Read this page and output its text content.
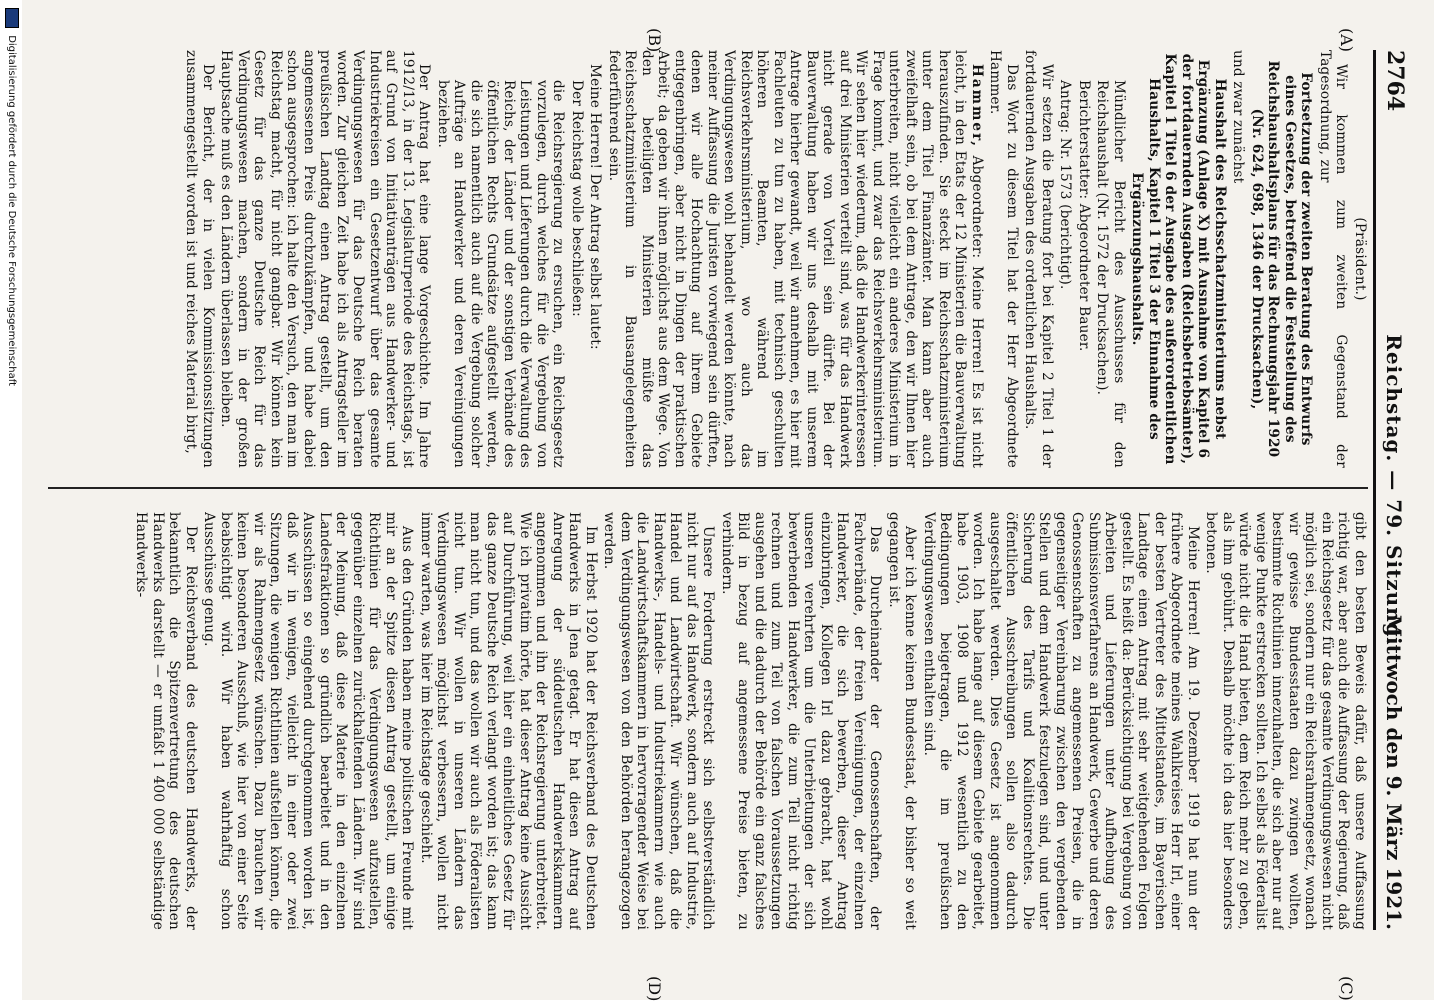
2764
Reichstag. — 79. Sitzung.
Mittwoch den 9. März 1921.
(A)
(B)
(C)
(D)

(Präsident.)

Wir kommen zum zweiten Gegenstand der Tagesordnung, zur

Fortsetzung der zweiten Beratung des Entwurfs eines Gesetzes, betreffend die Feststellung des Reichshaushaltsplans für das Rechnungsjahr 1920 (Nr. 624, 698, 1346 der Drucksachen),

und zwar zunächst

Haushalt des Reichsschatzministeriums nebst Ergänzung (Anlage X) mit Ausnahme von Kapitel 6 der fortdauernden Ausgaben (Reichsbetriebsämter), Kapitel 1 Titel 6 der Ausgabe des außerordentlichen Haushalts, Kapitel 1 Titel 3 der Einnahme des Ergänzungshaushalts.

Mündlicher Bericht des Ausschusses für den Reichshaushalt (Nr. 1572 der Drucksachen).

Berichterstatter: Abgeordneter Bauer.

Antrag: Nr. 1573 (berichtigt).

Wir setzen die Beratung fort bei Kapitel 2 Titel 1 der fortdauernden Ausgaben des ordentlichen Haushalts.

Das Wort zu diesem Titel hat der Herr Abgeordnete Hammer.

Hammer, Abgeordneter: Meine Herren! Es ist nicht leicht, in den Etats der 12 Ministerien die Bauverwaltung herauszufinden. Sie steckt im Reichsschatzministerium unter dem Titel Finanzämter. Man kann aber auch zweifelhaft sein, ob bei dem Antrage, den wir Ihnen hier unterbreiten, nicht vielleicht ein anderes Ministerium in Frage kommt, und zwar das Reichsverkehrsministerium. Wir sehen hier wiederum, daß die Handwerkerinteressen auf drei Ministerien verteilt sind, was für das Handwerk nicht gerade von Vorteil sein dürfte. Bei der Bauverwaltung haben wir uns deshalb mit unserem Antrage hierher gewandt, weil wir annehmen, es hier mit Fachleuten zu tun zu haben, mit technisch geschulten höheren Beamten, während im Reichsverkehrsministerium, wo auch das Verdingungswesen wohl behandelt werden könnte, nach meiner Auffassung die Juristen vorwiegend sein dürften, denen wir alle Hochachtung auf ihrem Gebiete entgegenbringen, aber nicht in Dingen der praktischen Arbeit; da geben wir ihnen möglichst aus dem Wege. Von den beteiligten Ministerien müßte das Reichsschatzministerium in Bausangelegenheiten federführend sein.

Meine Herren! Der Antrag selbst lautet:

Der Reichstag wolle beschließen:

die Reichsregierung zu ersuchen, ein Reichsgesetz vorzulegen, durch welches für die Vergebung von Leistungen und Lieferungen durch die Verwaltung des Reichs, der Länder und der sonstigen Verbände des öffentlichen Rechts Grundsätze aufgestellt werden, die sich namentlich auch auf die Vergebung solcher Aufträge an Handwerker und deren Vereinigungen beziehen.

Der Antrag hat eine lange Vorgeschichte. Im Jahre 1912/13, in der 13. Legislaturperiode des Reichstags, ist auf Grund von Initiativanträgen aus Handwerker- und Industriekreisen ein Gesetzentwurf über das gesamte Verdingungswesen für das Deutsche Reich beraten worden. Zur gleichen Zeit habe ich als Antragsteller im preußischen Landtag einen Antrag gestellt, um den angemessenen Preis durchzukämpfen, und habe dabei schon ausgesprochen: ich halte den Versuch, den man im Reichstag macht, für nicht gangbar. Wir können kein Gesetz für das ganze Deutsche Reich für das Verdingungswesen machen, sondern in der großen Hauptsache muß es den Ländern überlassen bleiben.

Der Bericht, der in vielen Kommissionssitzungen zusammengestellt worden ist und reiches Material birgt,

gibt den besten Beweis dafür, daß unsere Auffassung richtig war, aber auch die Auffassung der Regierung, daß ein Reichsgesetz für das gesamte Verdingungswesen nicht möglich sei, sondern nur ein Reichsrahmengesetz, wonach wir gewisse Bundesstaaten dazu zwingen wollten, bestimmte Richtlinien innezuhalten, die sich aber nur auf wenige Punkte erstrecken sollten. Ich selbst als Föderalist würde nicht die Hand bieten, dem Reich mehr zu geben, als ihm gebührt. Deshalb möchte ich das hier besonders betonen.

Meine Herren! Am 19. Dezember 1919 hat nun der frühere Abgeordnete meines Wahlkreises Herr Irl, einer der besten Vertreter des Mittelstandes, im Bayerischen Landtage einen Antrag mit sehr weitgehenden Folgen gestellt. Es heißt da: Berücksichtigung bei Vergebung von Arbeiten und Lieferungen unter Aufhebung des Submissionsverfahrens an Handwerk, Gewerbe und deren Genossenschaften zu angemessenen Preisen, die in gegenseitiger Vereinbarung zwischen den vergebenden Stellen und dem Handwerk festzulegen sind, und unter Sicherung des Tarifs und Koalitionsrechtes. Die öffentlichen Ausschreibungen sollen also dadurch ausgeschaltet werden. Dies Gesetz ist angenommen worden. Ich habe lange auf diesem Gebiete gearbeitet, habe 1903, 1908 und 1912 wesentlich zu den Bedingungen beigetragen, die im preußischen Verdingungswesen enthalten sind.

Aber ich kenne keinen Bundesstaat, der bisher so weit gegangen ist.

Das Durcheinander der Genossenschaften, der Fachverbände, der freien Vereinigungen, der einzelnen Handwerker, die sich bewerben, dieser Antrag einzubringen, Kollegen Irl dazu gebracht, hat wohl unseren verehrten um die Unterbietungen der sich bewerbenden Handwerker, die zum Teil nicht richtig rechnen und zum Teil von falschen Voraussetzungen ausgehen und die dadurch der Behörde ein ganz falsches Bild in bezug auf angemessene Preise bieten, zu verhindern.

Unsere Forderung erstreckt sich selbstverständlich nicht nur auf das Handwerk, sondern auch auf Industrie, Handel und Landwirtschaft. Wir wünschen, daß die Handwerks-, Handels- und Industriekammern wie auch die Landwirtschaftskammern in hervorragender Weise bei dem Verdingungswesen von den Behörden herangezogen werden.

Im Herbst 1920 hat der Reichsverband des Deutschen Handwerks in Jena getagt. Er hat diesen Antrag auf Anregung der süddeutschen Handwerkskammern angenommen und ihn der Reichsregierung unterbreitet. Wie ich privatim hörte, hat dieser Antrag keine Aussicht auf Durchführung, weil hier ein einheitliches Gesetz für das ganze Deutsche Reich verlangt worden ist; das kann man nicht tun, und das wollen wir auch als Föderalisten nicht tun. Wir wollen in unseren Ländern das Verdingungswesen möglichst verbessern, wollen nicht immer warten, was hier im Reichstage geschieht.

Aus den Gründen haben meine politischen Freunde mit mir an der Spitze diesen Antrag gestellt, um einige Richtlinien für das Verdingungswesen aufzustellen, gegenüber einzelnen zurückhaltenden Ländern. Wir sind der Meinung, daß diese Materie in den einzelnen Landesfraktionen so gründlich bearbeitet und in den Ausschüssen so eingehend durchgenommen worden ist, daß wir in wenigen, vielleicht in einer oder zwei Sitzungen, die wenigen Richtlinien aufstellen können, die wir als Rahmengesetz wünschen. Dazu brauchen wir keinen besonderen Ausschuß, wie hier von einer Seite beabsichtigt wird. Wir haben wahrhaftig schon Ausschüsse genug.

Der Reichsverband des deutschen Handwerks, der bekanntlich die Spitzenvertretung des deutschen Handwerks darstellt — er umfaßt 1 400 000 selbständige Handwerks-

Digitalisierung gefördert durch die Deutsche Forschungsgemeinschaft
